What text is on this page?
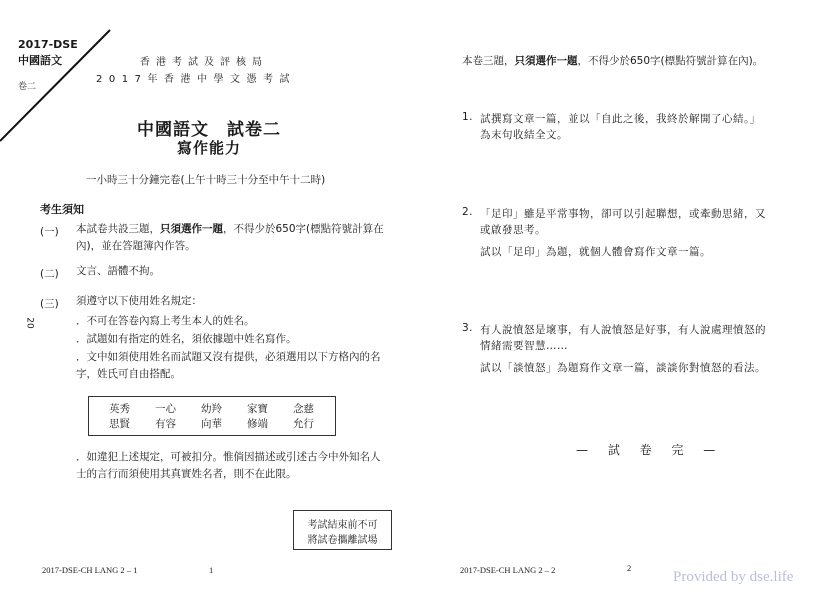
2017-DSE
中國語文
卷二
香港考試及評核局
2017年香港中學文憑考試
中國語文　試卷二
寫作能力
一小時三十分鐘完卷(上午十時三十分至中午十二時)
考生須知
20
(一) 本試卷共設三題，只須選作一題，不得少於650字(標點符號計算在內)，並在答題簿內作答。
(二) 文言、語體不拘。
(三) 須遵守以下使用姓名規定：
．不可在答卷內寫上考生本人的姓名。
．試題如有指定的姓名，須依據題中姓名寫作。
．文中如須使用姓名而試題又沒有提供，必須選用以下方格內的名字，姓氏可自由搭配。
英秀 一心 幼羚 家寶 念慈
思賢 有容 向華 修端 允行
．如違犯上述規定，可被扣分。惟倘因描述或引述古今中外知名人士的言行而須使用其真實姓名者，則不在此限。
考試結束前不可
將試卷攜離試場
2017-DSE-CH LANG 2 – 1	1
本卷三題，只須選作一題，不得少於650字(標點符號計算在內)。
1. 試撰寫文章一篇，並以「自此之後，我終於解開了心結。」
為末句收結全文。
2. 「足印」雖是平常事物，卻可以引起聯想，或牽動思緒，又
或啟發思考。
試以「足印」為題，就個人體會寫作文章一篇。
3. 有人說憤怒是壞事，有人說憤怒是好事，有人說處理憤怒的
情緒需要智慧……
試以「談憤怒」為題寫作文章一篇，談談你對憤怒的看法。
— 試 卷 完 —
2017-DSE-CH LANG 2 – 2	2
Provided by dse.life
